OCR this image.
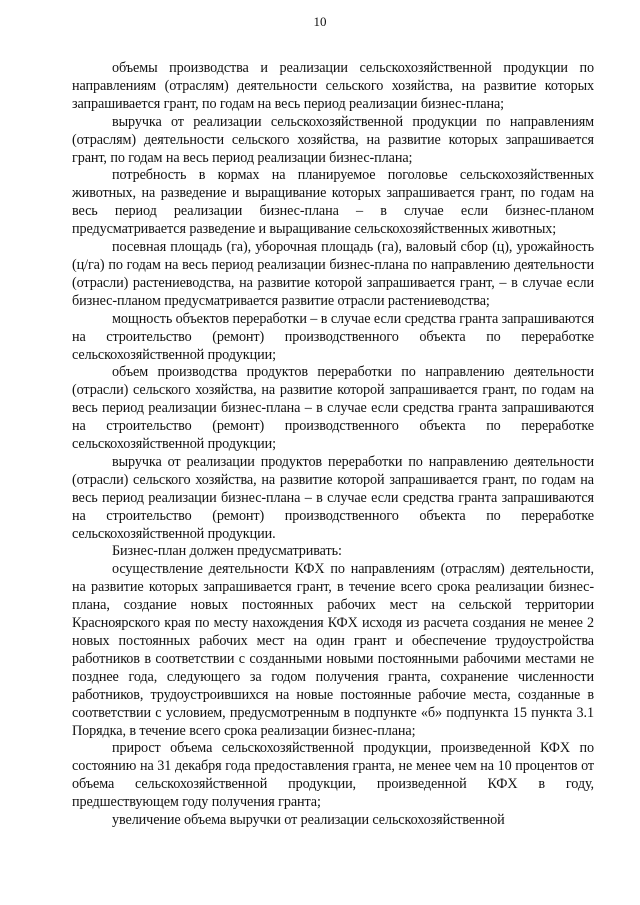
10

объемы производства и реализации сельскохозяйственной продукции по направлениям (отраслям) деятельности сельского хозяйства, на развитие которых запрашивается грант, по годам на весь период реализации бизнес-плана;

выручка от реализации сельскохозяйственной продукции по направлениям (отраслям) деятельности сельского хозяйства, на развитие которых запрашивается грант, по годам на весь период реализации бизнес-плана;

потребность в кормах на планируемое поголовье сельскохозяйственных животных, на разведение и выращивание которых запрашивается грант, по годам на весь период реализации бизнес-плана – в случае если бизнес-планом предусматривается разведение и выращивание сельскохозяйственных животных;

посевная площадь (га), уборочная площадь (га), валовый сбор (ц), урожайность (ц/га) по годам на весь период реализации бизнес-плана по направлению деятельности (отрасли) растениеводства, на развитие которой запрашивается грант, – в случае если бизнес-планом предусматривается развитие отрасли растениеводства;

мощность объектов переработки – в случае если средства гранта запрашиваются на строительство (ремонт) производственного объекта по переработке сельскохозяйственной продукции;

объем производства продуктов переработки по направлению деятельности (отрасли) сельского хозяйства, на развитие которой запрашивается грант, по годам на весь период реализации бизнес-плана – в случае если средства гранта запрашиваются на строительство (ремонт) производственного объекта по переработке сельскохозяйственной продукции;

выручка от реализации продуктов переработки по направлению деятельности (отрасли) сельского хозяйства, на развитие которой запрашивается грант, по годам на весь период реализации бизнес-плана – в случае если средства гранта запрашиваются на строительство (ремонт) производственного объекта по переработке сельскохозяйственной продукции.

Бизнес-план должен предусматривать:

осуществление деятельности КФХ по направлениям (отраслям) деятельности, на развитие которых запрашивается грант, в течение всего срока реализации бизнес-плана, создание новых постоянных рабочих мест на сельской территории Красноярского края по месту нахождения КФХ исходя из расчета создания не менее 2 новых постоянных рабочих мест на один грант и обеспечение трудоустройства работников в соответствии с созданными новыми постоянными рабочими местами не позднее года, следующего за годом получения гранта, сохранение численности работников, трудоустроившихся на новые постоянные рабочие места, созданные в соответствии с условием, предусмотренным в подпункте «б» подпункта 15 пункта 3.1 Порядка, в течение всего срока реализации бизнес-плана;

прирост объема сельскохозяйственной продукции, произведенной КФХ по состоянию на 31 декабря года предоставления гранта, не менее чем на 10 процентов от объема сельскохозяйственной продукции, произведенной КФХ в году, предшествующем году получения гранта;

увеличение объема выручки от реализации сельскохозяйственной
